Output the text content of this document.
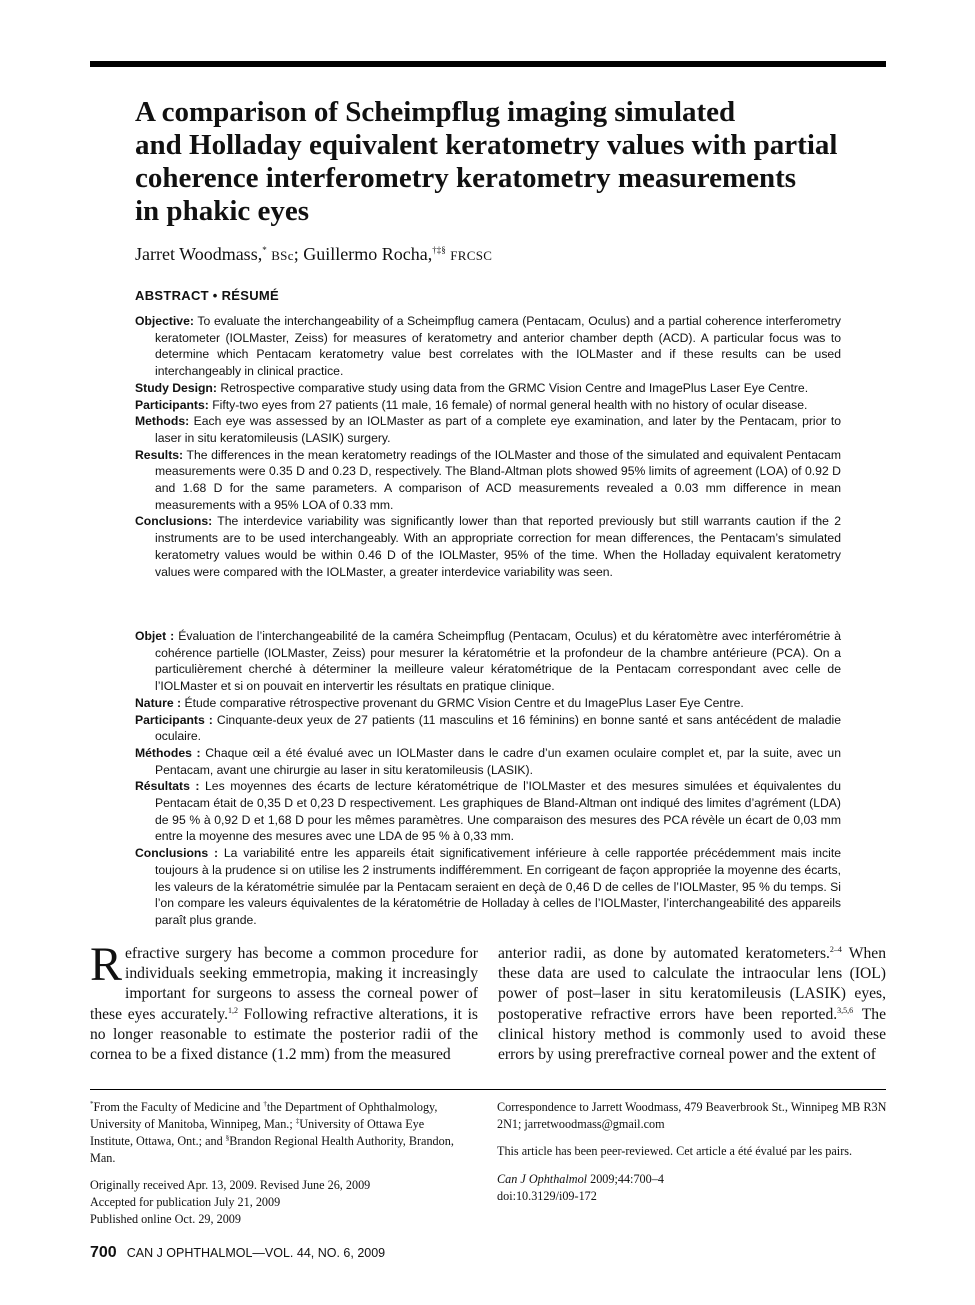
A comparison of Scheimpflug imaging simulated
and Holladay equivalent keratometry values with partial
coherence interferometry keratometry measurements
in phakic eyes
Jarret Woodmass,* BSc; Guillermo Rocha,†‡§ FRCSC
ABSTRACT • RÉSUMÉ

Objective: To evaluate the interchangeability of a Scheimpflug camera (Pentacam, Oculus) and a partial coherence interferometry keratometer (IOLMaster, Zeiss) for measures of keratometry and anterior chamber depth (ACD). A particular focus was to determine which Pentacam keratometry value best correlates with the IOLMaster and if these results can be used interchangeably in clinical practice.

Study Design: Retrospective comparative study using data from the GRMC Vision Centre and ImagePlus Laser Eye Centre.

Participants: Fifty-two eyes from 27 patients (11 male, 16 female) of normal general health with no history of ocular disease.

Methods: Each eye was assessed by an IOLMaster as part of a complete eye examination, and later by the Pentacam, prior to laser in situ keratomileusis (LASIK) surgery.

Results: The differences in the mean keratometry readings of the IOLMaster and those of the simulated and equivalent Pentacam measurements were 0.35 D and 0.23 D, respectively. The Bland-Altman plots showed 95% limits of agreement (LOA) of 0.92 D and 1.68 D for the same parameters. A comparison of ACD measurements revealed a 0.03 mm difference in mean measurements with a 95% LOA of 0.33 mm.

Conclusions: The interdevice variability was significantly lower than that reported previously but still warrants caution if the 2 instruments are to be used interchangeably. With an appropriate correction for mean differences, the Pentacam’s simulated keratometry values would be within 0.46 D of the IOLMaster, 95% of the time. When the Holladay equivalent keratometry values were compared with the IOLMaster, a greater interdevice variability was seen.

Objet : Évaluation de l’interchangeabilité de la caméra Scheimpflug (Pentacam, Oculus) et du kératomètre avec interférométrie à cohérence partielle (IOLMaster, Zeiss) pour mesurer la kératométrie et la profondeur de la chambre antérieure (PCA). On a particulièrement cherché à déterminer la meilleure valeur kératométrique de la Pentacam correspondant avec celle de l’IOLMaster et si on pouvait en intervertir les résultats en pratique clinique.

Nature : Étude comparative rétrospective provenant du GRMC Vision Centre et du ImagePlus Laser Eye Centre.

Participants : Cinquante-deux yeux de 27 patients (11 masculins et 16 féminins) en bonne santé et sans antécédent de maladie oculaire.

Méthodes : Chaque œil a été évalué avec un IOLMaster dans le cadre d’un examen oculaire complet et, par la suite, avec un Pentacam, avant une chirurgie au laser in situ keratomileusis (LASIK).

Résultats : Les moyennes des écarts de lecture kératométrique de l’IOLMaster et des mesures simulées et équivalentes du Pentacam était de 0,35 D et 0,23 D respectivement. Les graphiques de Bland-Altman ont indiqué des limites d’agrément (LDA) de 95 % à 0,92 D et 1,68 D pour les mêmes paramètres. Une comparaison des mesures des PCA révèle un écart de 0,03 mm entre la moyenne des mesures avec une LDA de 95 % à 0,33 mm.

Conclusions : La variabilité entre les appareils était significativement inférieure à celle rapportée précédemment mais incite toujours à la prudence si on utilise les 2 instruments indifféremment. En corrigeant de façon appropriée la moyenne des écarts, les valeurs de la kératométrie simulée par la Pentacam seraient en deçà de 0,46 D de celles de l’IOLMaster, 95 % du temps. Si l’on compare les valeurs équivalentes de la kératométrie de Holladay à celles de l’IOLMaster, l’interchangeabilité des appareils paraît plus grande.

Refractive surgery has become a common procedure for individuals seeking emmetropia, making it increasingly important for surgeons to assess the corneal power of these eyes accurately.$^{1,2}$ Following refractive alterations, it is no longer reasonable to estimate the posterior radii of the cornea to be a fixed distance (1.2 mm) from the measured

anterior radii, as done by automated keratometers.$^{2-4}$ When these data are used to calculate the intraocular lens (IOL) power of post–laser in situ keratomileusis (LASIK) eyes, postoperative refractive errors have been reported.$^{3,5,6}$ The clinical history method is commonly used to avoid these errors by using prerefractive corneal power and the extent of

*From the Faculty of Medicine and †the Department of Ophthalmology, University of Manitoba, Winnipeg, Man.; ‡University of Ottawa Eye Institute, Ottawa, Ont.; and §Brandon Regional Health Authority, Brandon, Man.

Originally received Apr. 13, 2009. Revised June 26, 2009
Accepted for publication July 21, 2009
Published online Oct. 29, 2009

Correspondence to Jarrett Woodmass, 479 Beaverbrook St., Winnipeg MB R3N 2N1; jarretwoodmass@gmail.com

This article has been peer-reviewed. Cet article a été évalué par les pairs.

Can J Ophthalmol 2009;44:700–4
doi:10.3129/i09-172
700 CAN J OPHTHALMOL—VOL. 44, NO. 6, 2009
